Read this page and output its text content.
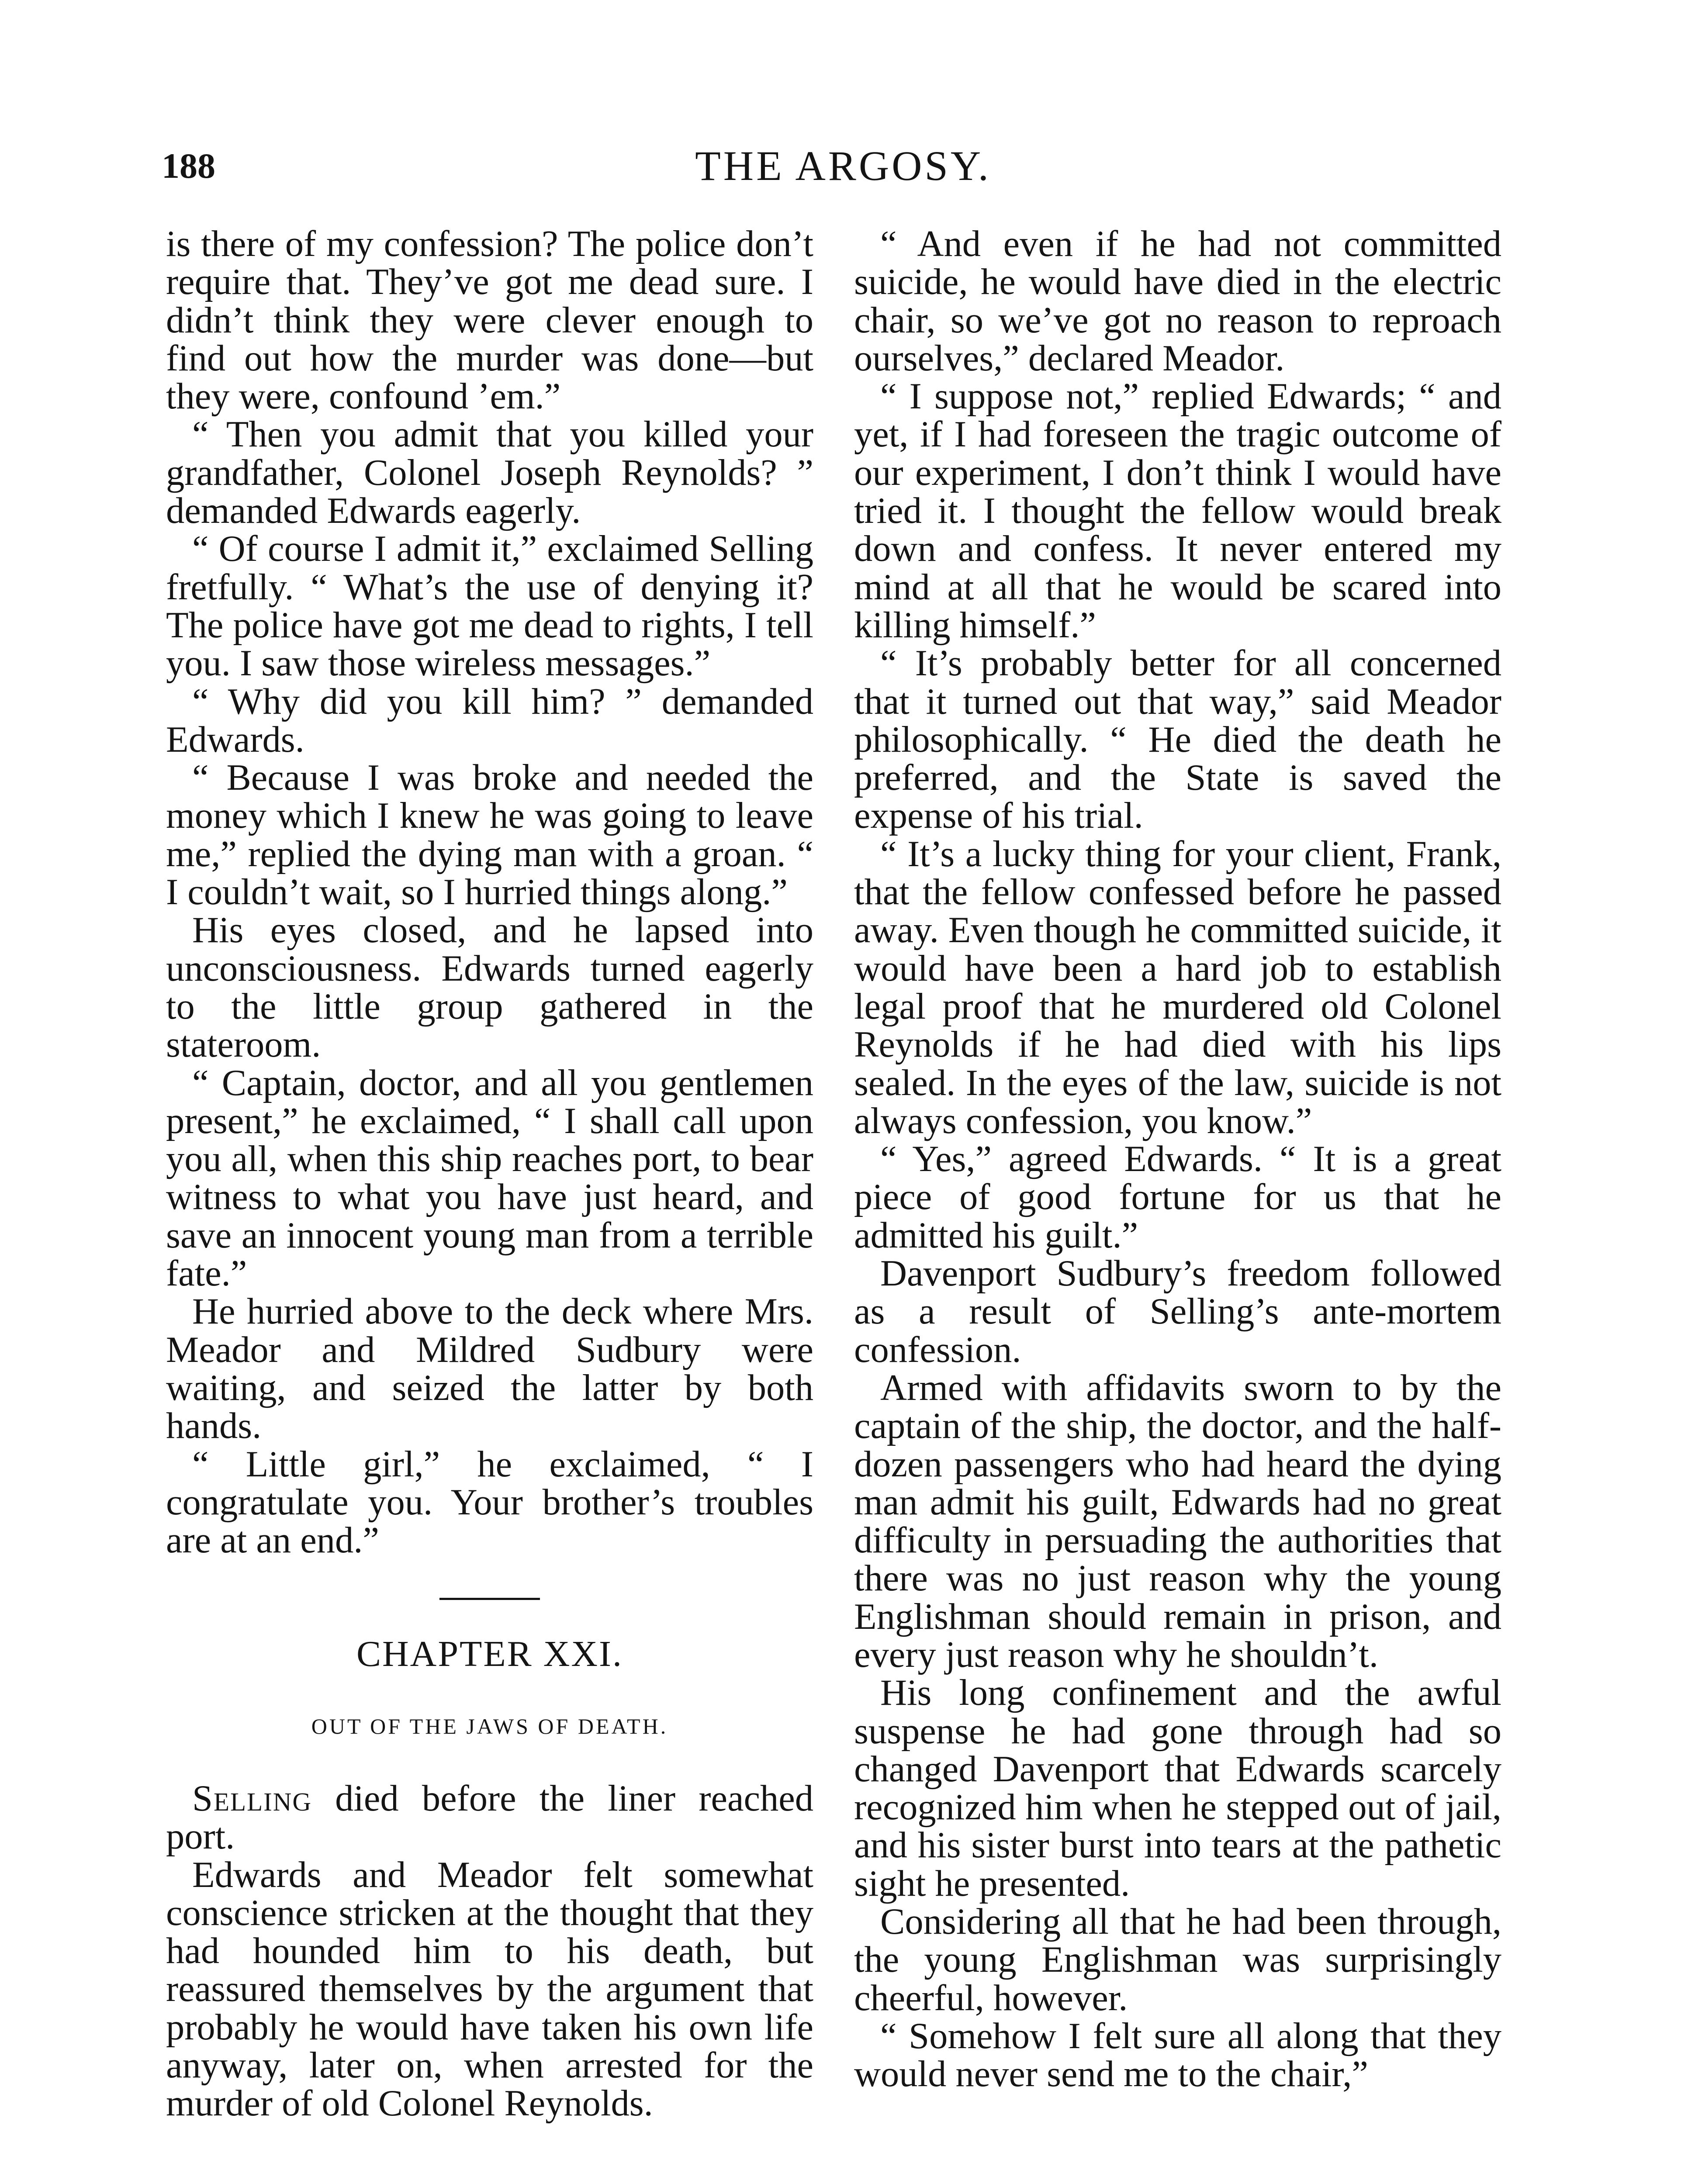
188	THE ARGOSY.

is there of my confession? The police don’t require that. They’ve got me dead sure. I didn’t think they were clever enough to find out how the murder was done—but they were, confound ’em.”

“ Then you admit that you killed your grandfather, Colonel Joseph Reynolds? ” demanded Edwards eagerly.

“ Of course I admit it,” exclaimed Selling fretfully. “ What’s the use of denying it? The police have got me dead to rights, I tell you. I saw those wireless messages.”

“ Why did you kill him? ” demanded Edwards.

“ Because I was broke and needed the money which I knew he was going to leave me,” replied the dying man with a groan. “ I couldn’t wait, so I hurried things along.”

His eyes closed, and he lapsed into unconsciousness. Edwards turned eagerly to the little group gathered in the stateroom.

“ Captain, doctor, and all you gentlemen present,” he exclaimed, “ I shall call upon you all, when this ship reaches port, to bear witness to what you have just heard, and save an innocent young man from a terrible fate.”

He hurried above to the deck where Mrs. Meador and Mildred Sudbury were waiting, and seized the latter by both hands.

“ Little girl,” he exclaimed, “ I congratulate you. Your brother’s troubles are at an end.”

CHAPTER XXI.
OUT OF THE JAWS OF DEATH.

Selling died before the liner reached port.

Edwards and Meador felt somewhat conscience stricken at the thought that they had hounded him to his death, but reassured themselves by the argument that probably he would have taken his own life anyway, later on, when arrested for the murder of old Colonel Reynolds.

“ And even if he had not committed suicide, he would have died in the electric chair, so we’ve got no reason to reproach ourselves,” declared Meador.

“ I suppose not,” replied Edwards; “ and yet, if I had foreseen the tragic outcome of our experiment, I don’t think I would have tried it. I thought the fellow would break down and confess. It never entered my mind at all that he would be scared into killing himself.”

“ It’s probably better for all concerned that it turned out that way,” said Meador philosophically. “ He died the death he preferred, and the State is saved the expense of his trial.

“ It’s a lucky thing for your client, Frank, that the fellow confessed before he passed away. Even though he committed suicide, it would have been a hard job to establish legal proof that he murdered old Colonel Reynolds if he had died with his lips sealed. In the eyes of the law, suicide is not always confession, you know.”

“ Yes,” agreed Edwards. “ It is a great piece of good fortune for us that he admitted his guilt.”

Davenport Sudbury’s freedom followed as a result of Selling’s ante-mortem confession.

Armed with affidavits sworn to by the captain of the ship, the doctor, and the half-dozen passengers who had heard the dying man admit his guilt, Edwards had no great difficulty in persuading the authorities that there was no just reason why the young Englishman should remain in prison, and every just reason why he shouldn’t.

His long confinement and the awful suspense he had gone through had so changed Davenport that Edwards scarcely recognized him when he stepped out of jail, and his sister burst into tears at the pathetic sight he presented.

Considering all that he had been through, the young Englishman was surprisingly cheerful, however.

“ Somehow I felt sure all along that they would never send me to the chair,”
